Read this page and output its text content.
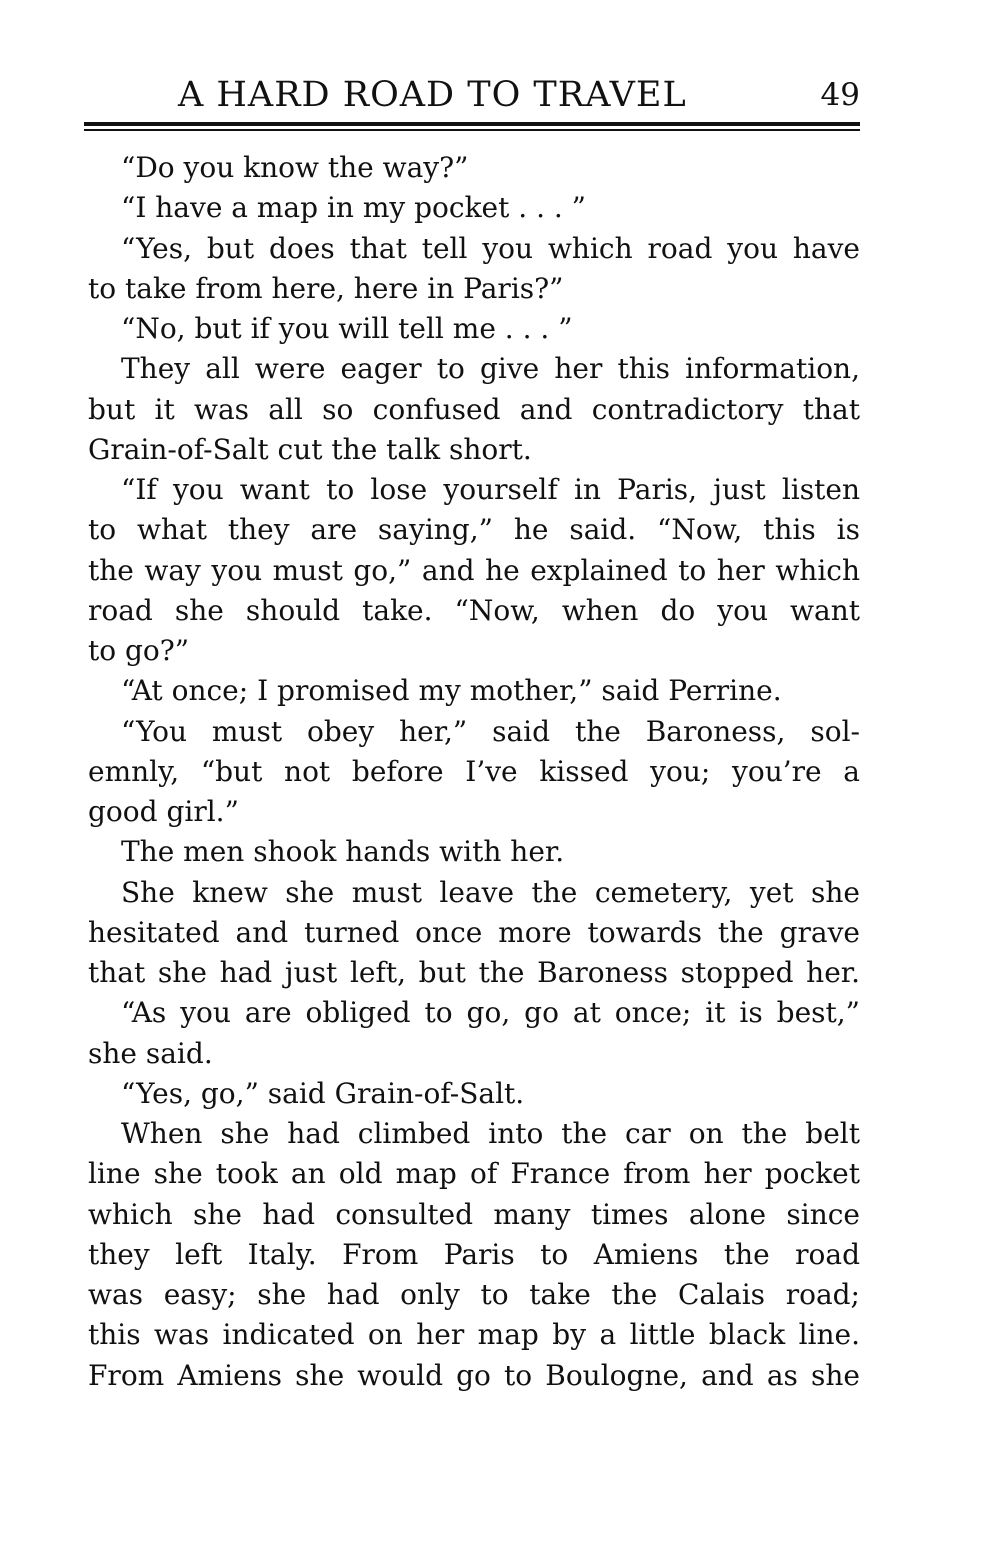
A HARD ROAD TO TRAVEL	49
“Do you know the way?”
“I have a map in my pocket . . . ”
“Yes, but does that tell you which road you have
to take from here, here in Paris?”
“No, but if you will tell me . . . ”
They all were eager to give her this information,
but it was all so confused and contradictory that
Grain-of-Salt cut the talk short.
“If you want to lose yourself in Paris, just listen
to what they are saying,” he said. “Now, this is
the way you must go,” and he explained to her which
road she should take. “Now, when do you want
to go?”
“At once; I promised my mother,” said Perrine.
“You must obey her,” said the Baroness, sol-
emnly, “but not before I’ve kissed you; you’re a
good girl.”
The men shook hands with her.
She knew she must leave the cemetery, yet she
hesitated and turned once more towards the grave
that she had just left, but the Baroness stopped her.
“As you are obliged to go, go at once; it is best,”
she said.
“Yes, go,” said Grain-of-Salt.
When she had climbed into the car on the belt
line she took an old map of France from her pocket
which she had consulted many times alone since
they left Italy. From Paris to Amiens the road
was easy; she had only to take the Calais road;
this was indicated on her map by a little black line.
From Amiens she would go to Boulogne, and as she
